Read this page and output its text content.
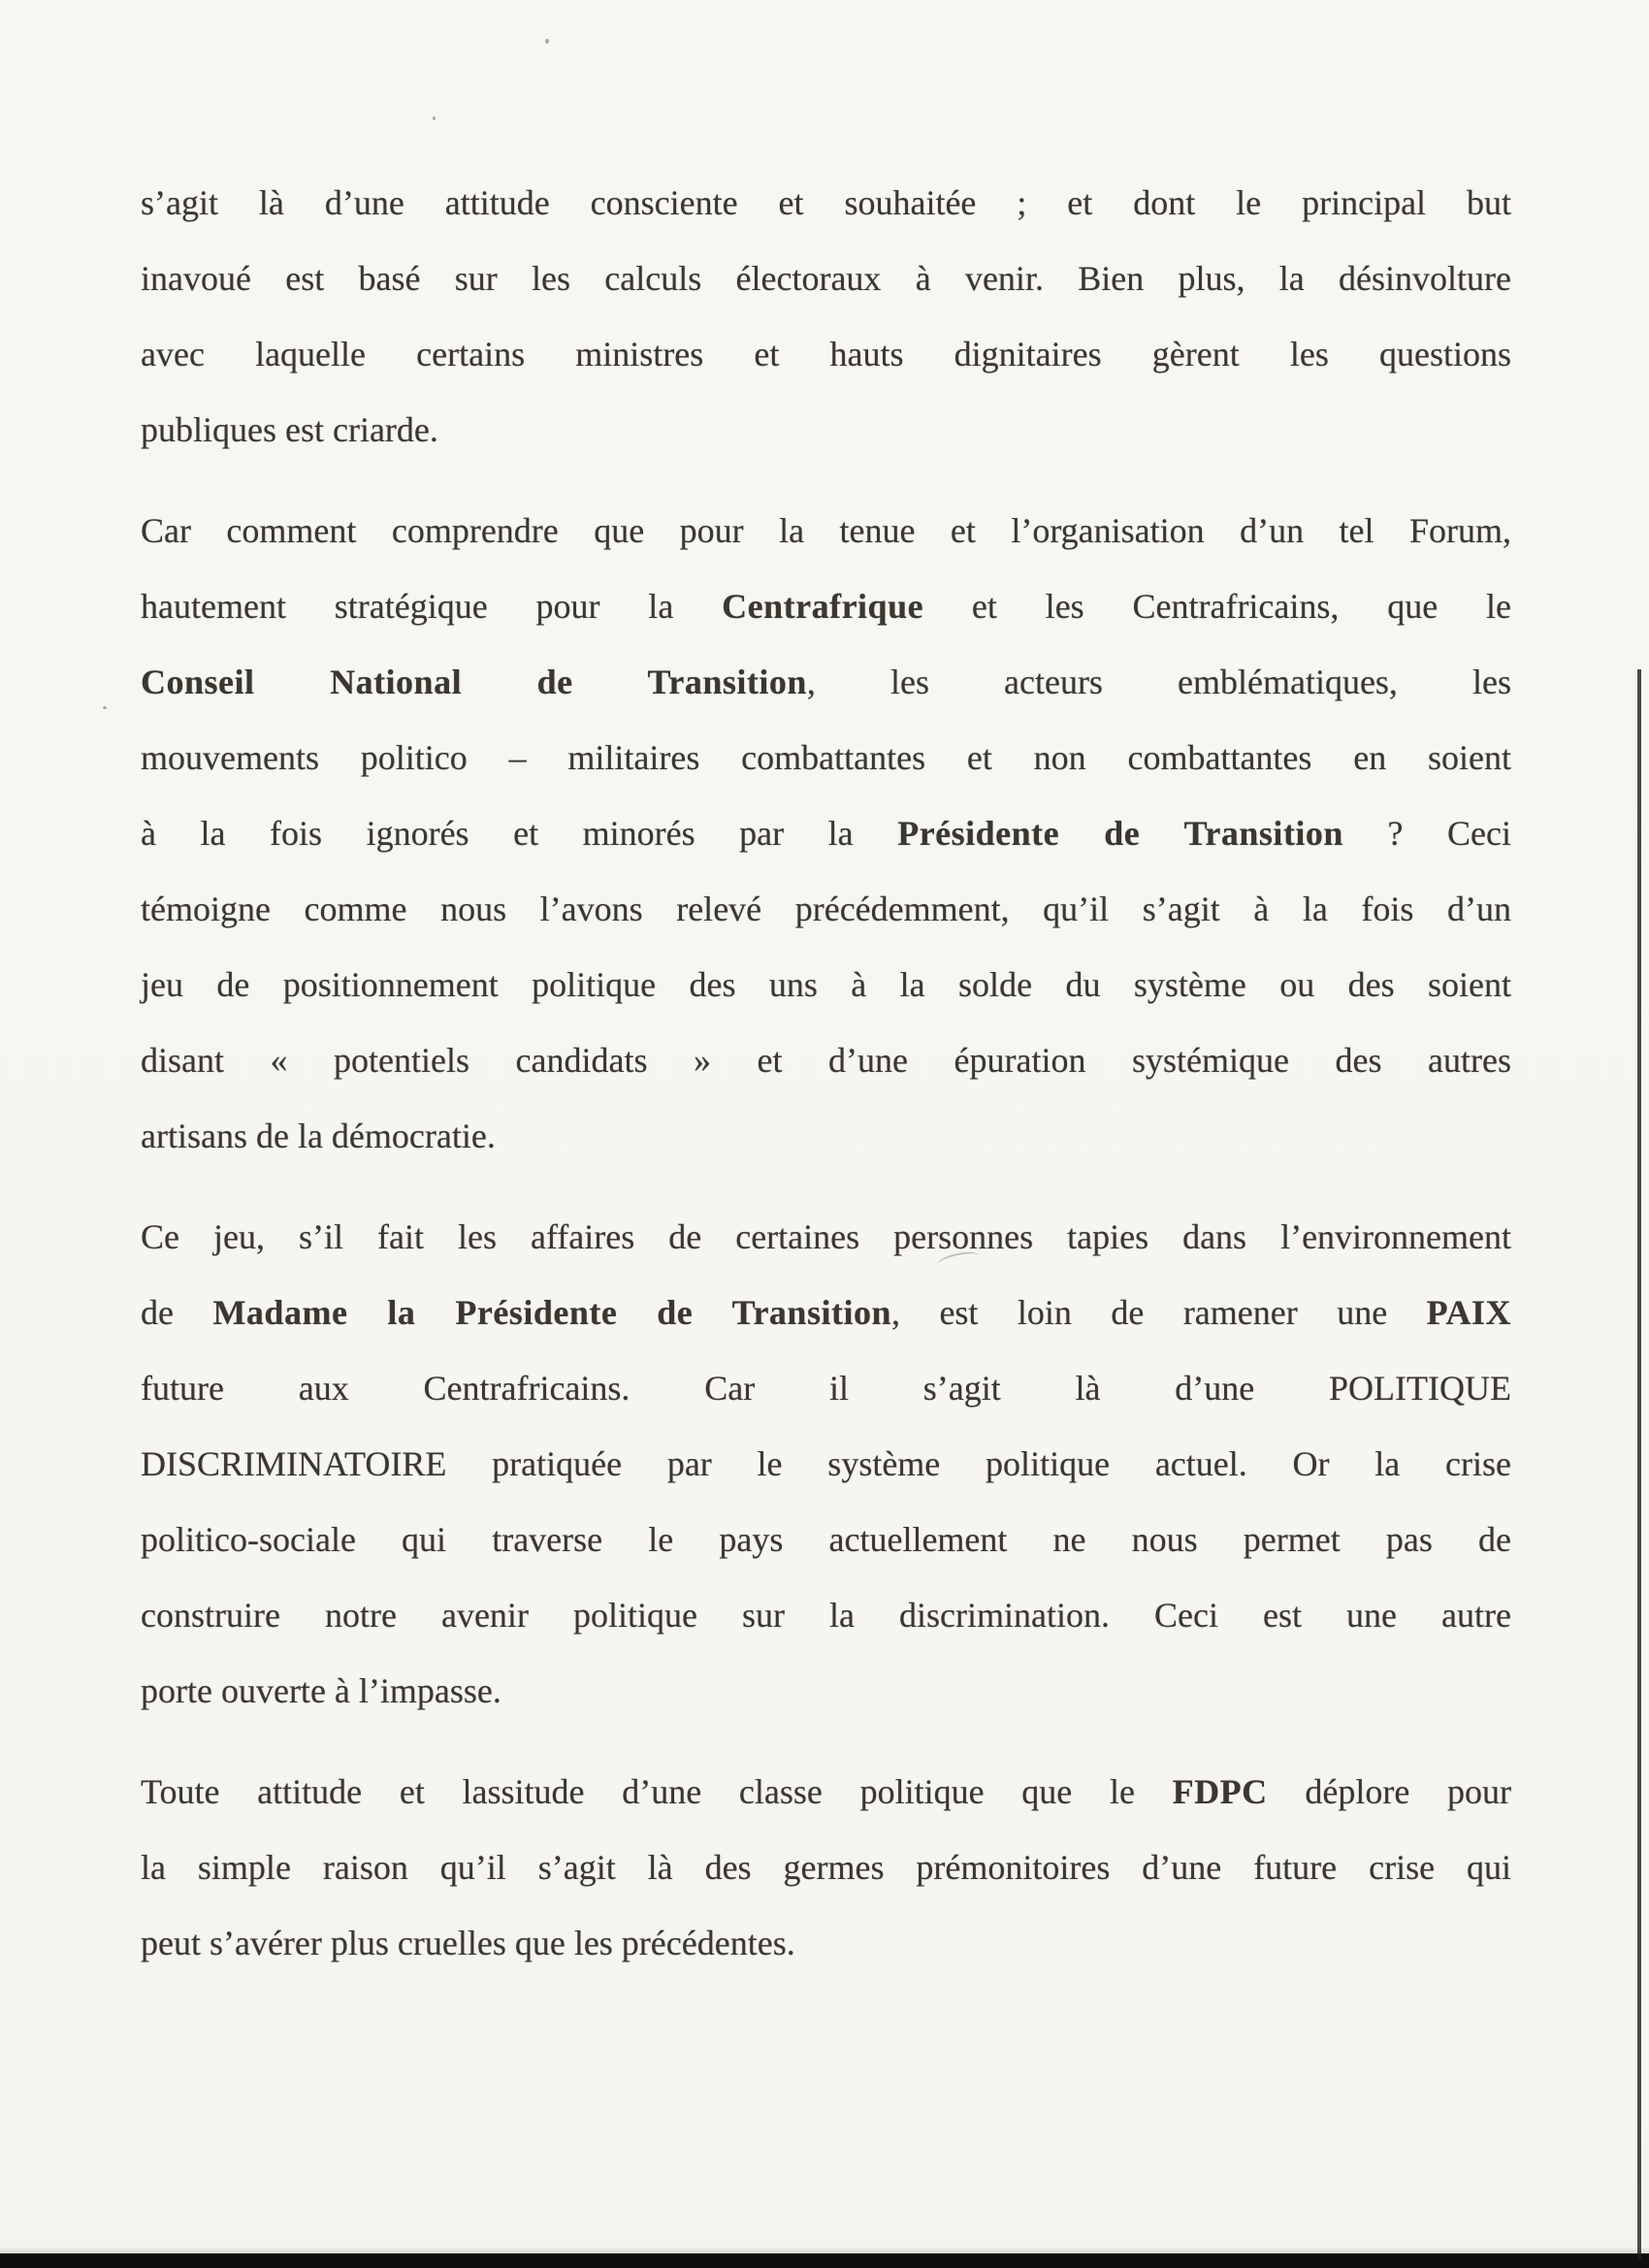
s’agit là d’une attitude consciente et souhaitée ; et dont le principal but
inavoué est basé sur les calculs électoraux à venir. Bien plus, la désinvolture
avec laquelle certains ministres et hauts dignitaires gèrent les questions
publiques est criarde.

Car comment comprendre que pour la tenue et l’organisation d’un tel Forum,
hautement stratégique pour la Centrafrique et les Centrafricains, que le
Conseil National de Transition, les acteurs emblématiques, les
mouvements politico – militaires combattantes et non combattantes en soient
à la fois ignorés et minorés par la Présidente de Transition ? Ceci
témoigne comme nous l’avons relevé précédemment, qu’il s’agit à la fois d’un
jeu de positionnement politique des uns à la solde du système ou des soient
disant « potentiels candidats » et d’une épuration systémique des autres
artisans de la démocratie.

Ce jeu, s’il fait les affaires de certaines personnes tapies dans l’environnement
de Madame la Présidente de Transition, est loin de ramener une PAIX
future aux Centrafricains. Car il s’agit là d’une POLITIQUE
DISCRIMINATOIRE pratiquée par le système politique actuel. Or la crise
politico-sociale qui traverse le pays actuellement ne nous permet pas de
construire notre avenir politique sur la discrimination. Ceci est une autre
porte ouverte à l’impasse.

Toute attitude et lassitude d’une classe politique que le FDPC déplore pour
la simple raison qu’il s’agit là des germes prémonitoires d’une future crise qui
peut s’avérer plus cruelles que les précédentes.
